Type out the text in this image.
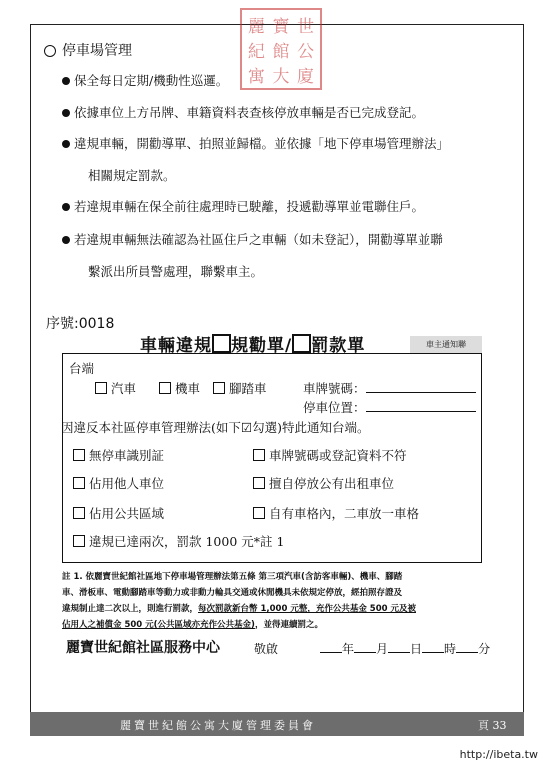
麗 寶 世
紀 館 公
寓 大 廈
停車場管理
保全每日定期/機動性巡邏。
依據車位上方吊牌、車籍資料表查核停放車輛是否已完成登記。
違規車輛，開勸導單、拍照並歸檔。並依據「地下停車場管理辦法」
相關規定罰款。
若違規車輛在保全前往處理時已駛離，投遞勸導單並電聯住戶。
若違規車輛無法確認為社區住戶之車輛（如未登記），開勸導單並聯
繫派出所員警處理，聯繫車主。
序號:0018
車輛違規 規勸單/ 罰款單	車主通知聯
台端
汽車	機車	腳踏車	車牌號碼：
停車位置：
因違反本社區停車管理辦法(如下☑勾選)特此通知台端。
無停車識別証	車牌號碼或登記資料不符
佔用他人車位	擅自停放公有出租車位
佔用公共區域	自有車格內，二車放一車格
違規已達兩次，罰款 1000 元*註 1
註 1. 依麗寶世紀館社區地下停車場管理辦法第五條 第三項汽車(含訪客車輛)、機車、腳踏
車、滑板車、電動腳踏車等動力或非動力輪具交通或休閒機具未依規定停放，經拍照存證及
違規制止達二次以上，則進行罰款，每次罰款新台幣 1,000 元整，充作公共基金 500 元及被
佔用人之補償金 500 元(公共區域亦充作公共基金)，並得連續罰之。
麗寶世紀館社區服務中心	敬啟	年 月 日 時 分
麗寶世紀館公寓大廈管理委員會	頁 33
http://ibeta.tw
